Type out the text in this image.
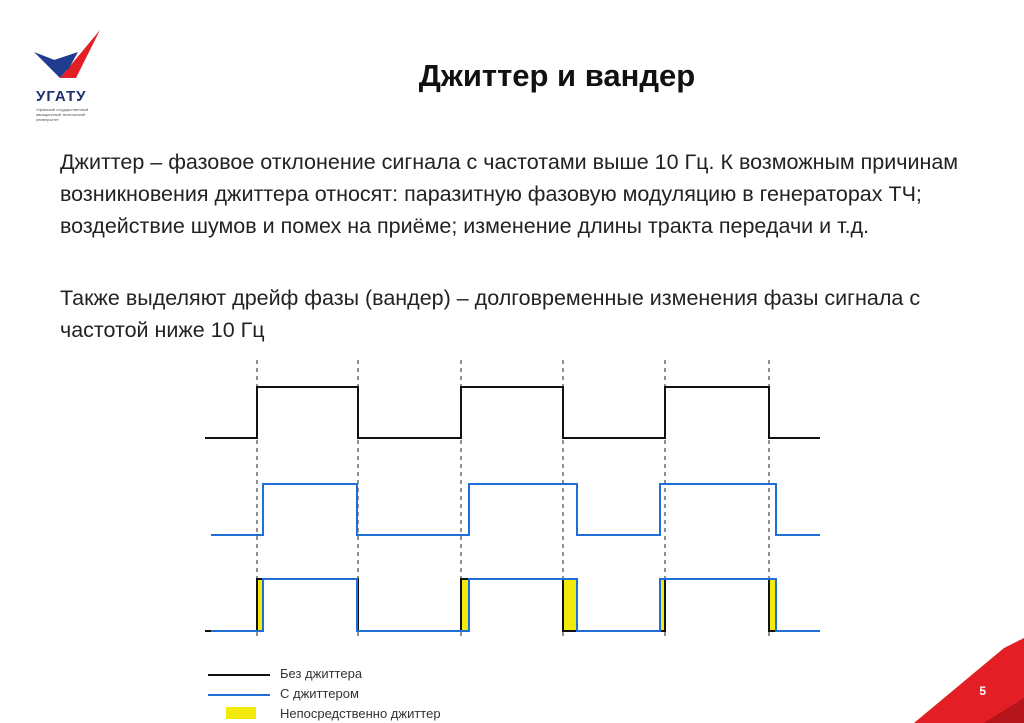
УГАТУ
Уфимский государственный авиационный технический университет
Джиттер и вандер

Джиттер – фазовое отклонение сигнала с частотами выше 10 Гц. К возможным причинам возникновения джиттера относят: паразитную фазовую модуляцию в генераторах ТЧ; воздействие шумов и помех на приёме; изменение длины тракта передачи и т.д.

Также выделяют дрейф фазы (вандер) – долговременные изменения фазы сигнала с частотой ниже 10 Гц

Без джиттера
С джиттером
Непосредственно джиттер
5
